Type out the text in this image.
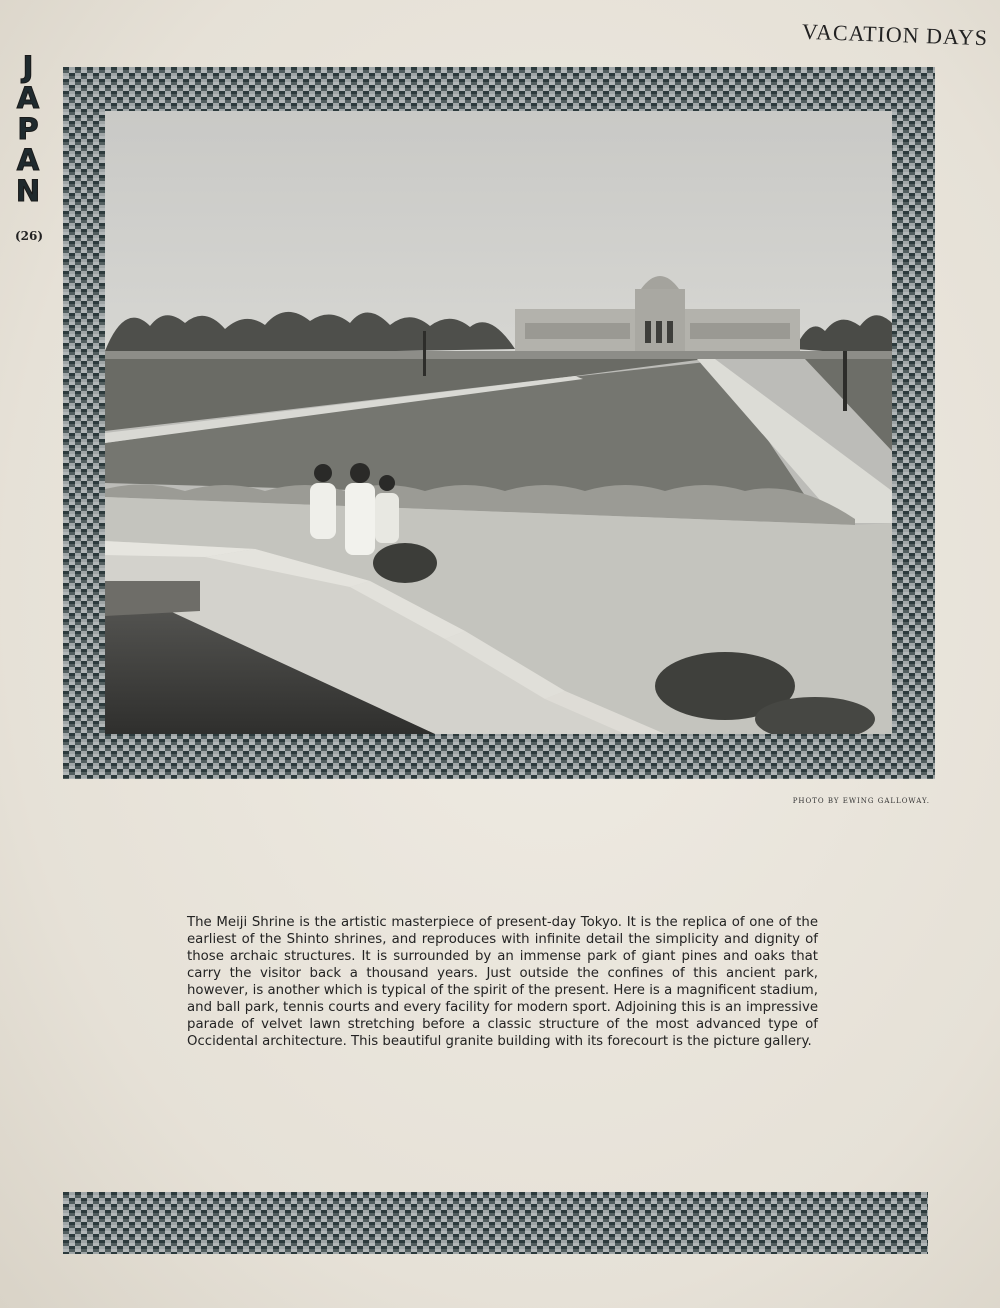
VACATION DAYS
J
A
P
A
N
(26)
PHOTO BY EWING GALLOWAY.
The Meiji Shrine is the artistic masterpiece of present-day Tokyo. It is the replica of one of the earliest of the Shinto shrines, and reproduces with infinite detail the simplicity and dignity of those archaic structures. It is surrounded by an immense park of giant pines and oaks that carry the visitor back a thousand years. Just outside the confines of this ancient park, however, is another which is typical of the spirit of the present. Here is a magnificent stadium, and ball park, tennis courts and every facility for modern sport. Adjoining this is an impressive parade of velvet lawn stretching before a classic structure of the most advanced type of Occidental architecture. This beautiful granite building with its forecourt is the picture gallery.
